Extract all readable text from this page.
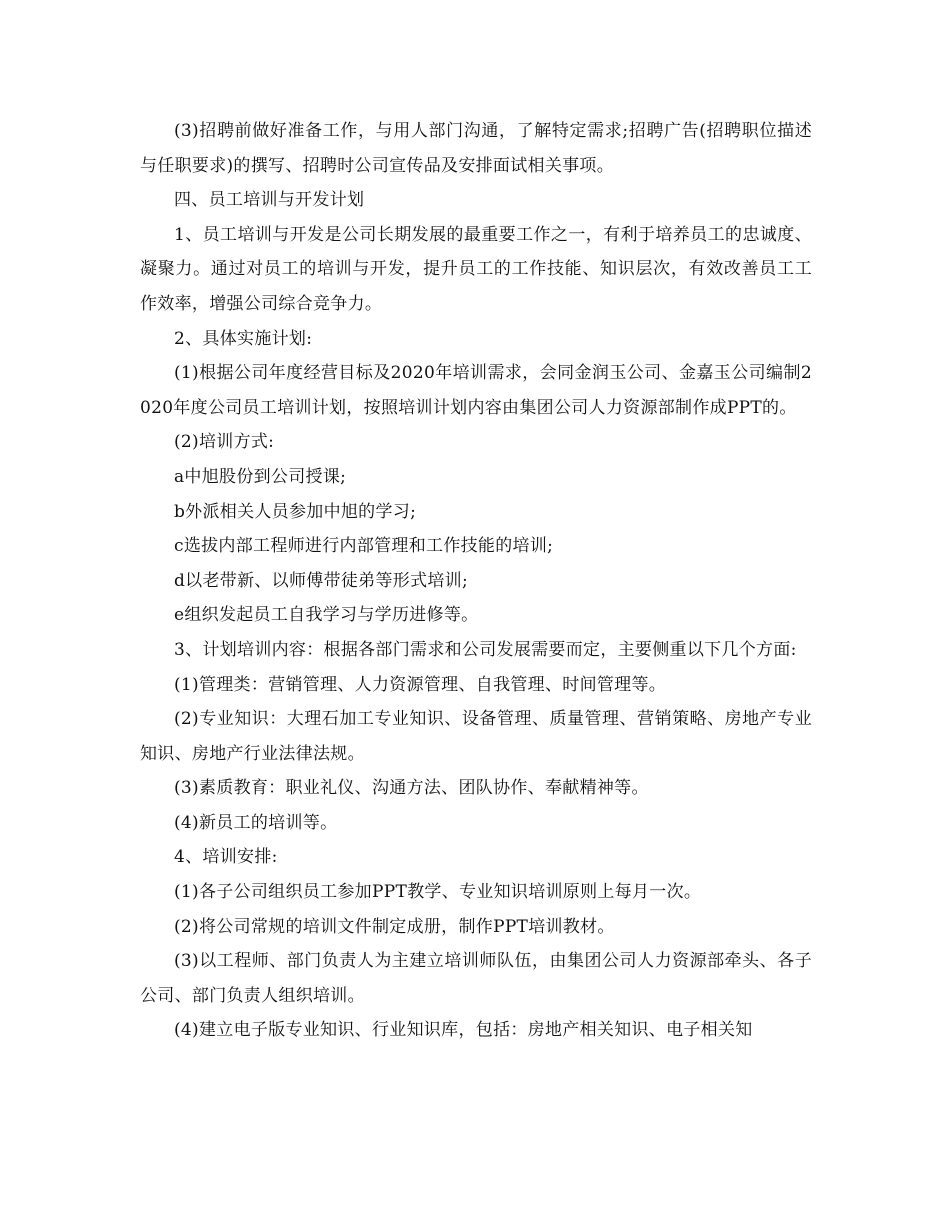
(3)招聘前做好准备工作，与用人部门沟通，了解特定需求;招聘广告(招聘职位描述与任职要求)的撰写、招聘时公司宣传品及安排面试相关事项。

四、员工培训与开发计划

1、员工培训与开发是公司长期发展的最重要工作之一，有利于培养员工的忠诚度、凝聚力。通过对员工的培训与开发，提升员工的工作技能、知识层次，有效改善员工工作效率，增强公司综合竞争力。

2、具体实施计划:

(1)根据公司年度经营目标及2020年培训需求，会同金润玉公司、金嘉玉公司编制2020年度公司员工培训计划，按照培训计划内容由集团公司人力资源部制作成PPT的。

(2)培训方式:

a中旭股份到公司授课;

b外派相关人员参加中旭的学习;

c选拔内部工程师进行内部管理和工作技能的培训;

d以老带新、以师傅带徒弟等形式培训;

e组织发起员工自我学习与学历进修等。

3、计划培训内容：根据各部门需求和公司发展需要而定，主要侧重以下几个方面:

(1)管理类：营销管理、人力资源管理、自我管理、时间管理等。

(2)专业知识：大理石加工专业知识、设备管理、质量管理、营销策略、房地产专业知识、房地产行业法律法规。

(3)素质教育：职业礼仪、沟通方法、团队协作、奉献精神等。

(4)新员工的培训等。

4、培训安排:

(1)各子公司组织员工参加PPT教学、专业知识培训原则上每月一次。

(2)将公司常规的培训文件制定成册，制作PPT培训教材。

(3)以工程师、部门负责人为主建立培训师队伍，由集团公司人力资源部牵头、各子公司、部门负责人组织培训。

(4)建立电子版专业知识、行业知识库，包括：房地产相关知识、电子相关知
